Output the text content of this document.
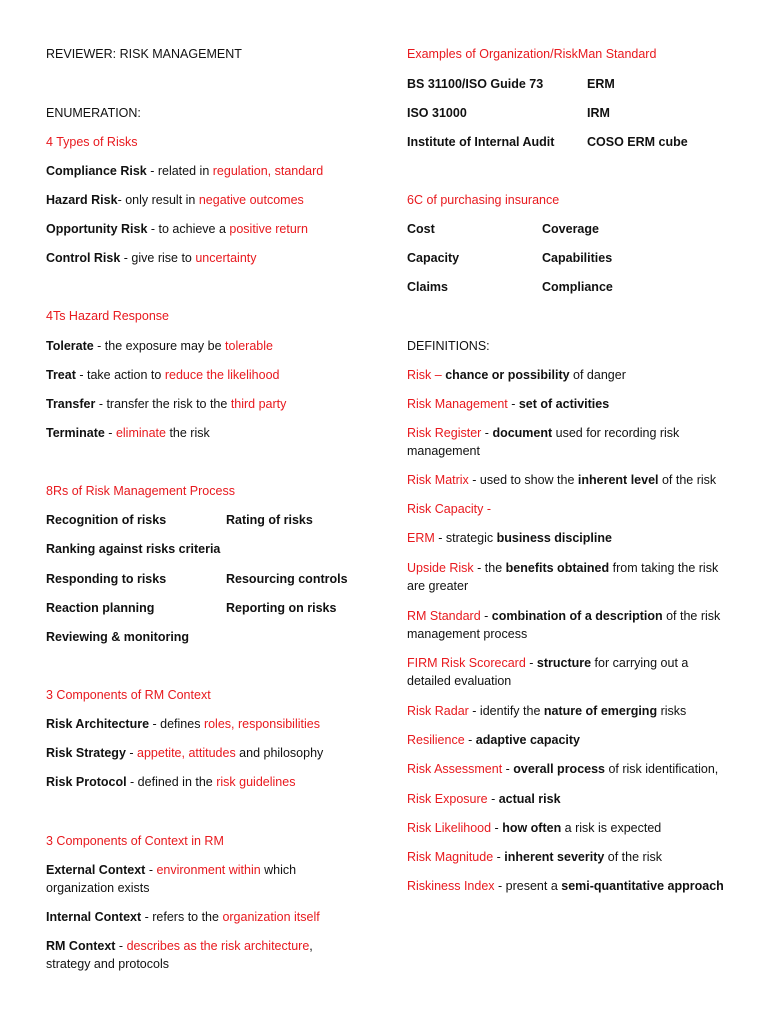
REVIEWER: RISK MANAGEMENT
ENUMERATION:
4 Types of Risks
Compliance Risk - related in regulation, standard
Hazard Risk- only result in negative outcomes
Opportunity Risk - to achieve a positive return
Control Risk - give rise to uncertainty
4Ts Hazard Response
Tolerate - the exposure may be tolerable
Treat - take action to reduce the likelihood
Transfer - transfer the risk to the third party
Terminate - eliminate the risk
8Rs of Risk Management Process
Recognition of risks	Rating of risks
Ranking against risks criteria
Responding to risks	Resourcing controls
Reaction planning	Reporting on risks
Reviewing & monitoring
3 Components of RM Context
Risk Architecture - defines roles, responsibilities
Risk Strategy - appetite, attitudes and philosophy
Risk Protocol - defined in the risk guidelines
3 Components of Context in RM
External Context - environment within which organization exists
Internal Context - refers to the organization itself
RM Context - describes as the risk architecture, strategy and protocols
Examples of Organization/RiskMan Standard
BS 31100/ISO Guide 73	ERM
ISO 31000	IRM
Institute of Internal Audit	COSO ERM cube
6C of purchasing insurance
Cost	Coverage
Capacity	Capabilities
Claims	Compliance
DEFINITIONS:
Risk – chance or possibility of danger
Risk Management - set of activities
Risk Register - document used for recording risk management
Risk Matrix - used to show the inherent level of the risk
Risk Capacity -
ERM - strategic business discipline
Upside Risk - the benefits obtained from taking the risk are greater
RM Standard - combination of a description of the risk management process
FIRM Risk Scorecard - structure for carrying out a detailed evaluation
Risk Radar - identify the nature of emerging risks
Resilience - adaptive capacity
Risk Assessment - overall process of risk identification,
Risk Exposure - actual risk
Risk Likelihood - how often a risk is expected
Risk Magnitude - inherent severity of the risk
Riskiness Index - present a semi-quantitative approach
